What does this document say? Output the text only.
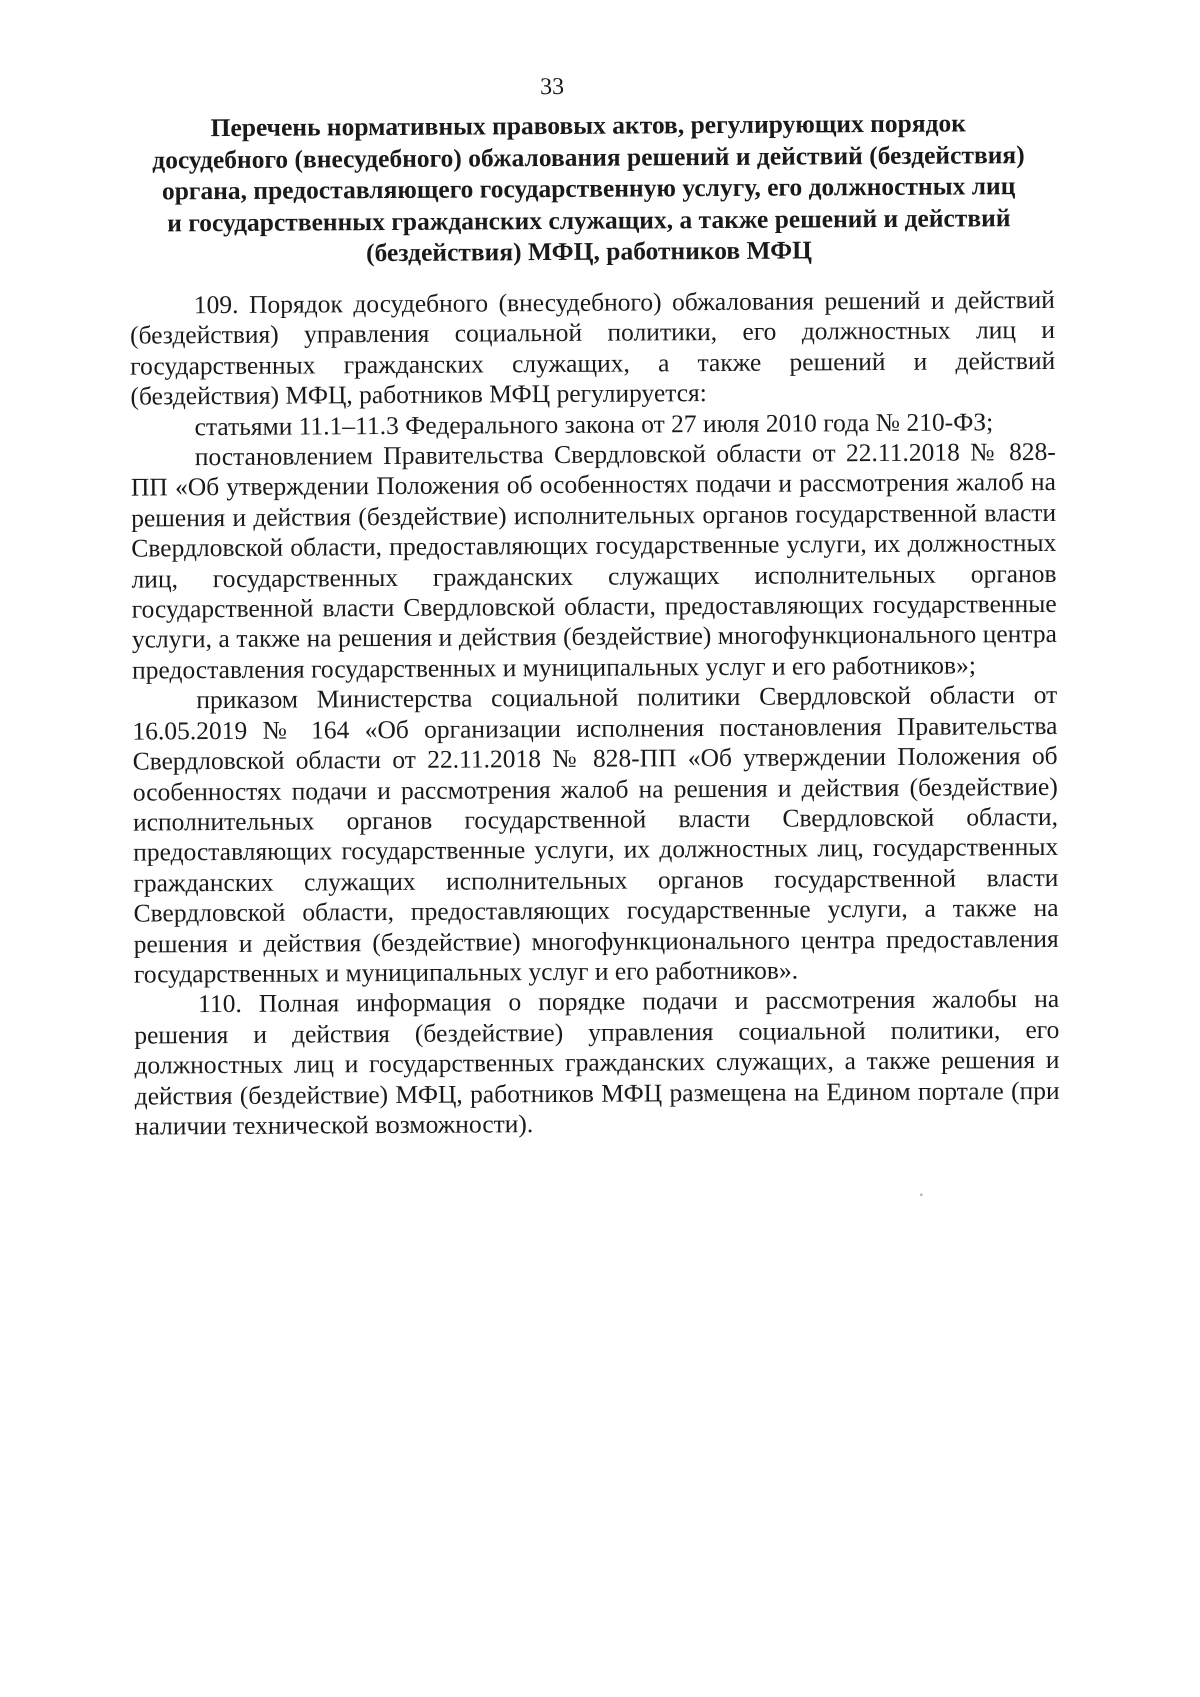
33
Перечень нормативных правовых актов, регулирующих порядок
досудебного (внесудебного) обжалования решений и действий (бездействия)
органа, предоставляющего государственную услугу, его должностных лиц
и государственных гражданских служащих, а также решений и действий
(бездействия) МФЦ, работников МФЦ

109. Порядок досудебного (внесудебного) обжалования решений и действий (бездействия) управления социальной политики, его должностных лиц и государственных гражданских служащих, а также решений и действий (бездействия) МФЦ, работников МФЦ регулируется:

статьями 11.1–11.3 Федерального закона от 27 июля 2010 года № 210-ФЗ;

постановлением Правительства Свердловской области от 22.11.2018 № 828-ПП «Об утверждении Положения об особенностях подачи и рассмотрения жалоб на решения и действия (бездействие) исполнительных органов государственной власти Свердловской области, предоставляющих государственные услуги, их должностных лиц, государственных гражданских служащих исполнительных органов государственной власти Свердловской области, предоставляющих государственные услуги, а также на решения и действия (бездействие) многофункционального центра предоставления государственных и муниципальных услуг и его работников»;

приказом Министерства социальной политики Свердловской области от 16.05.2019 № 164 «Об организации исполнения постановления Правительства Свердловской области от 22.11.2018 № 828-ПП «Об утверждении Положения об особенностях подачи и рассмотрения жалоб на решения и действия (бездействие) исполнительных органов государственной власти Свердловской области, предоставляющих государственные услуги, их должностных лиц, государственных гражданских служащих исполнительных органов государственной власти Свердловской области, предоставляющих государственные услуги, а также на решения и действия (бездействие) многофункционального центра предоставления государственных и муниципальных услуг и его работников».

110. Полная информация о порядке подачи и рассмотрения жалобы на решения и действия (бездействие) управления социальной политики, его должностных лиц и государственных гражданских служащих, а также решения и действия (бездействие) МФЦ, работников МФЦ размещена на Едином портале (при наличии технической возможности).
